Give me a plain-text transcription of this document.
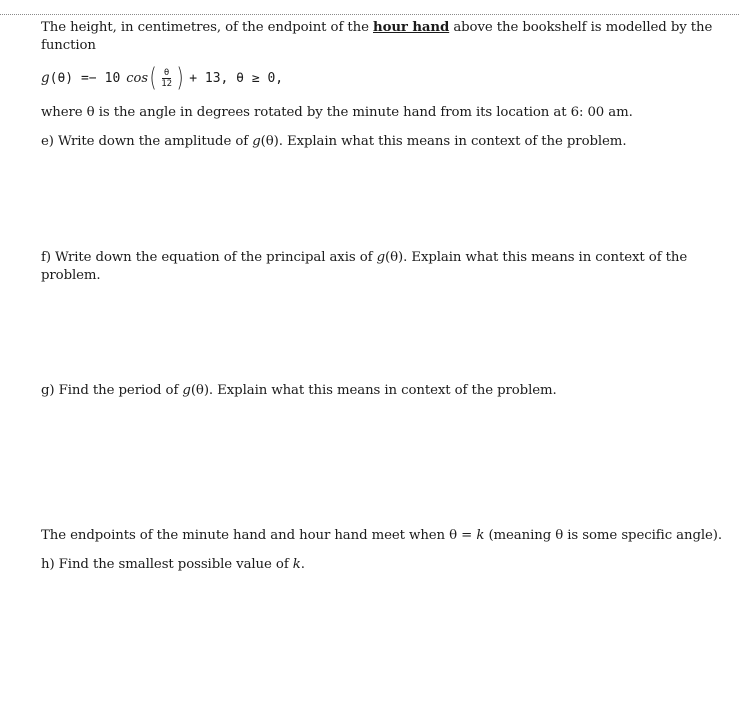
The height, in centimetres, of the endpoint of the hour hand above the bookshelf is modelled by the function
g (θ) =− 10 cos ( $\frac{\theta}{12}$ ) + 13, θ ≥ 0,
where θ is the angle in degrees rotated by the minute hand from its location at 6: 00 am.
e) Write down the amplitude of g(θ). Explain what this means in context of the problem.
f) Write down the equation of the principal axis of g(θ). Explain what this means in context of the problem.
g) Find the period of g(θ). Explain what this means in context of the problem.
The endpoints of the minute hand and hour hand meet when θ = k (meaning θ is some specific angle).
h) Find the smallest possible value of k.
